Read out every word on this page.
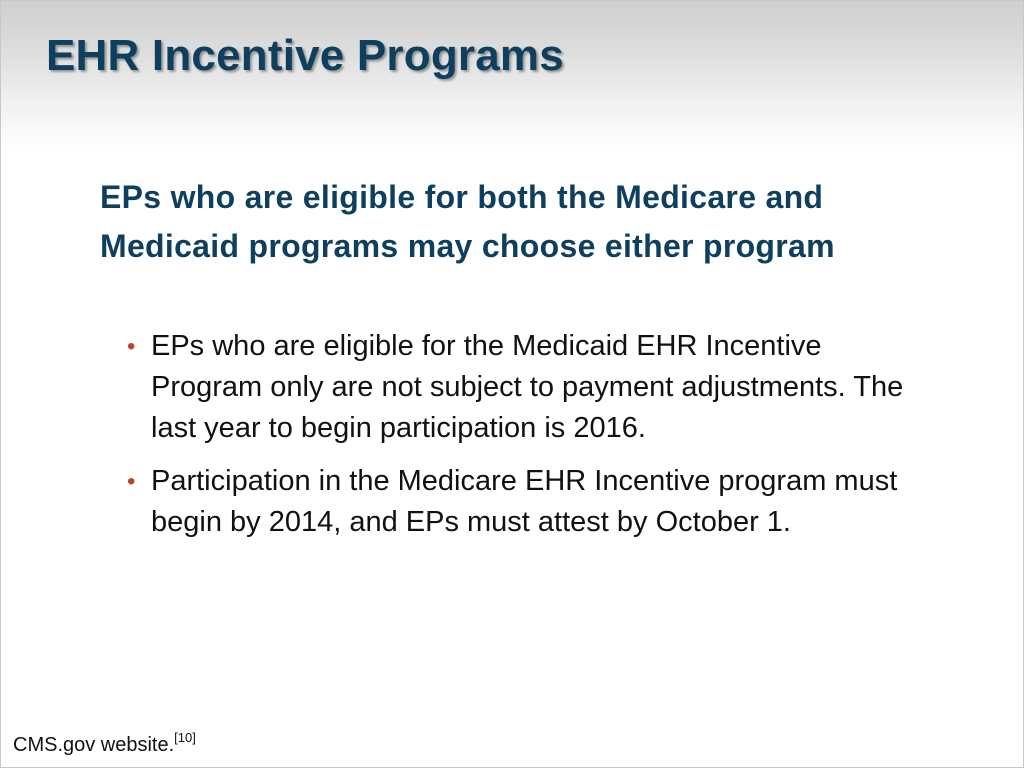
EHR Incentive Programs

EPs who are eligible for both the Medicare and Medicaid programs may choose either program

• EPs who are eligible for the Medicaid EHR Incentive Program only are not subject to payment adjustments. The last year to begin participation is 2016.
• Participation in the Medicare EHR Incentive program must begin by 2014, and EPs must attest by October 1.
CMS.gov website.[10]
